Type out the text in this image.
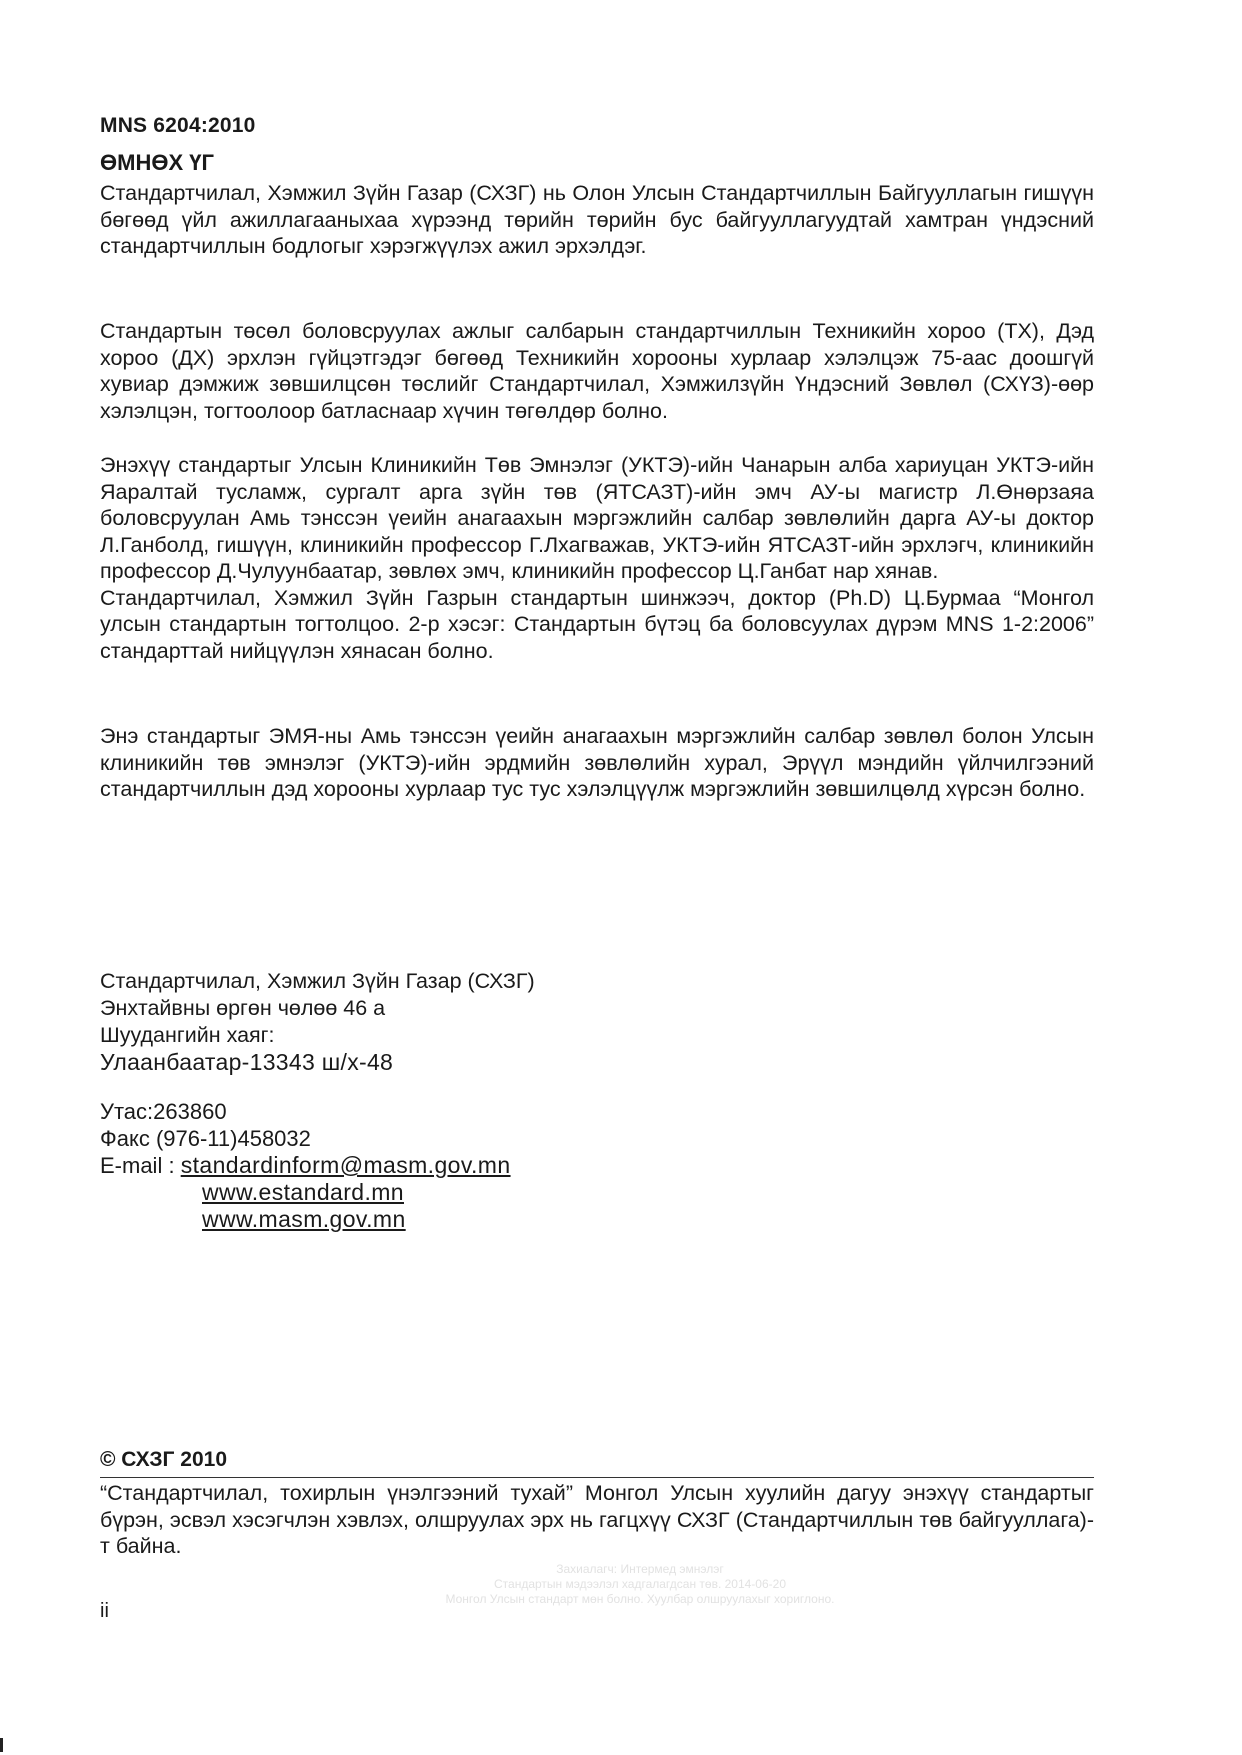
MNS 6204:2010
ӨМНӨХ ҮГ

Стандартчилал, Хэмжил Зүйн Газар (СХЗГ) нь Олон Улсын Стандартчиллын Байгууллагын гишүүн бөгөөд үйл ажиллагааныхаа хүрээнд төрийн төрийн бус байгууллагуудтай хамтран үндэсний стандартчиллын бодлогыг хэрэгжүүлэх ажил эрхэлдэг.

Стандартын төсөл боловсруулах ажлыг салбарын стандартчиллын Техникийн хороо (ТХ), Дэд хороо (ДХ) эрхлэн гүйцэтгэдэг бөгөөд Техникийн хорооны хурлаар хэлэлцэж 75-аас доошгүй хувиар дэмжиж зөвшилцсөн төслийг Стандартчилал, Хэмжилзүйн Үндэсний Зөвлөл (СХҮЗ)-өөр хэлэлцэн, тогтоолоор батлаcнаар хүчин төгөлдөр болно.

Энэхүү стандартыг Улсын Клиникийн Төв Эмнэлэг (УКТЭ)-ийн Чанарын алба хариуцан УКТЭ-ийн Яаралтай тусламж, сургалт арга зүйн төв (ЯТСАЗТ)-ийн эмч АУ-ы магистр Л.Өнөрзаяа боловсруулан Амь тэнссэн үеийн анагаахын мэргэжлийн салбар зөвлөлийн дарга АУ-ы доктор Л.Ганболд, гишүүн, клиникийн профессор Г.Лхагважав, УКТЭ-ийн ЯТСАЗТ-ийн эрхлэгч, клиникийн профессор Д.Чулуунбаатар, зөвлөх эмч, клиникийн профессор Ц.Ганбат нар хянав.

Стандартчилал, Хэмжил Зүйн Газрын стандартын шинжээч, доктор (Ph.D) Ц.Бурмаа “Монгол улсын стандартын тогтолцоо. 2-р хэсэг: Стандартын бүтэц ба боловсуулах дүрэм MNS 1-2:2006” стандарттай нийцүүлэн хянасан болно.

Энэ стандартыг ЭМЯ-ны Амь тэнссэн үеийн анагаахын мэргэжлийн салбар зөвлөл болон Улсын клиникийн төв эмнэлэг (УКТЭ)-ийн эрдмийн зөвлөлийн хурал, Эрүүл мэндийн үйлчилгээний стандартчиллын дэд хорооны хурлаар тус тус хэлэлцүүлж мэргэжлийн зөвшилцөлд хүрсэн болно.

Стандартчилал, Хэмжил Зүйн Газар (СХЗГ)
Энхтайвны өргөн чөлөө 46 а
Шуудангийн хаяг:
Улаанбаатар-13343 ш/х-48
Утас:263860
Факс (976-11)458032
E-mail : standardinform@masm.gov.mn
www.estandard.mn
www.masm.gov.mn
© СХЗГ 2010

“Стандартчилал, тохирлын үнэлгээний тухай” Монгол Улсын хуулийн дагуу энэхүү стандартыг бүрэн, эсвэл хэсэгчлэн хэвлэх, олшруулах эрх нь гагцхүү СХЗГ (Стандартчиллын төв байгууллага)-т байна.

Захиалагч: Интермед эмнэлэг
Стандартын мэдээлэл хадгалагдсан төв. 2014-06-20
Монгол Улсын стандарт мөн болно. Хуулбар олшруулахыг хориглоно.
ii
